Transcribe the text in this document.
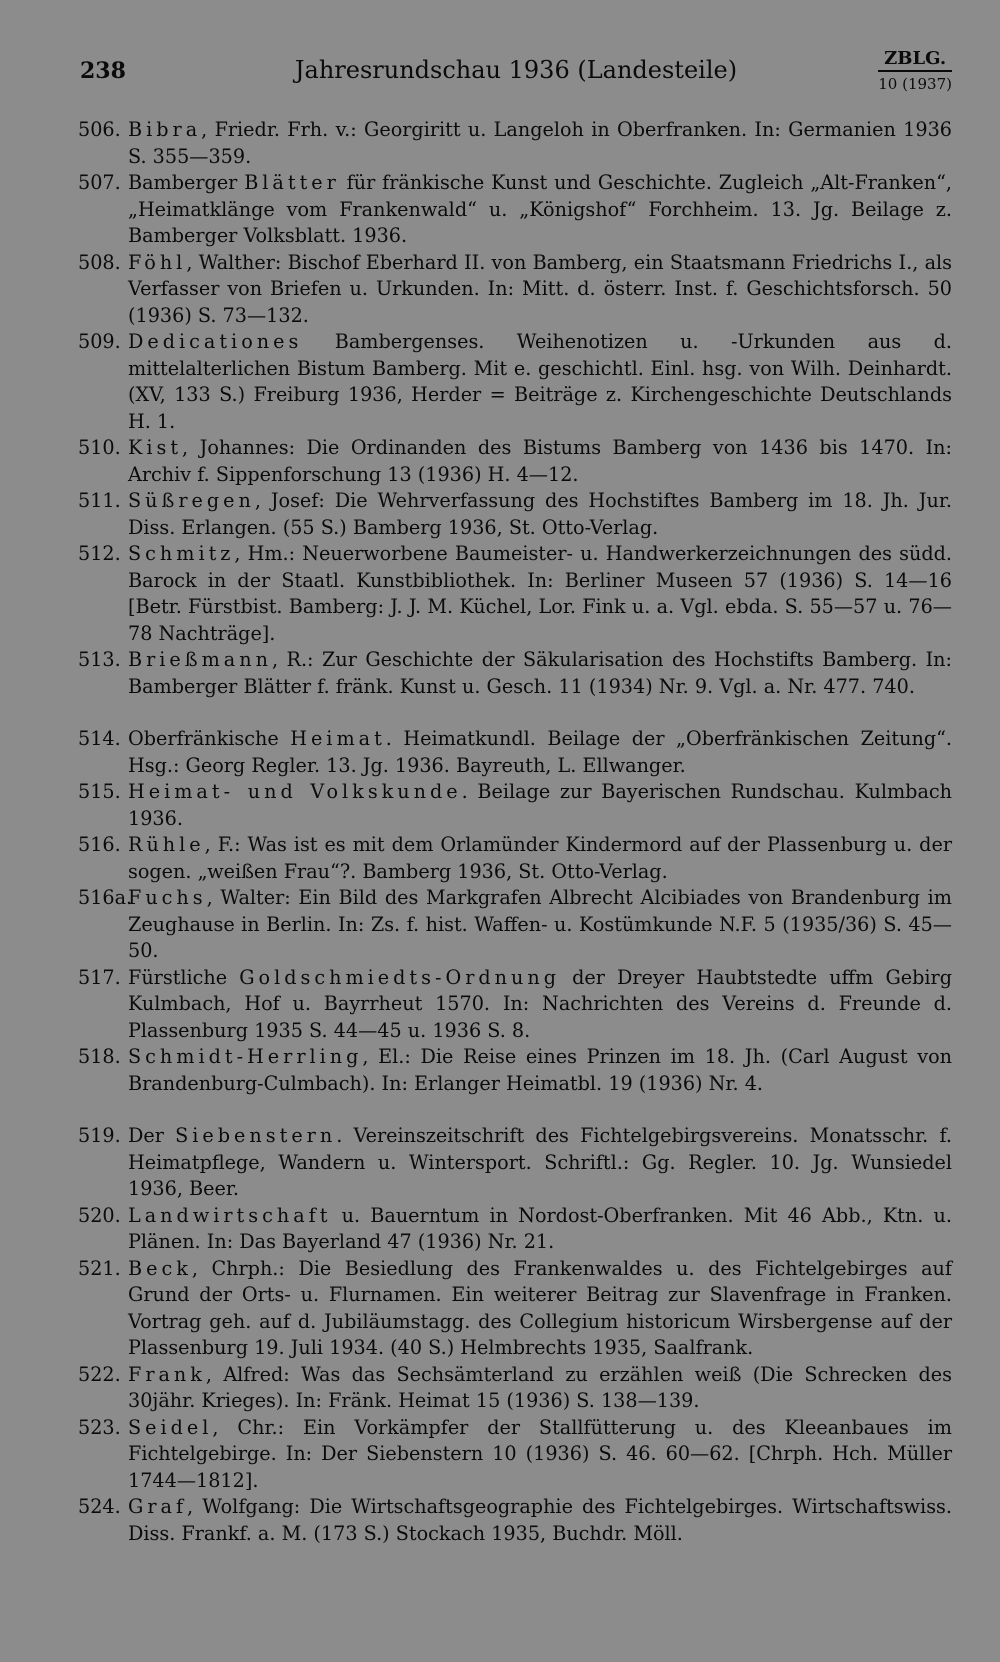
238	Jahresrundschau 1936 (Landesteile)	ZBLG.
10 (1937)
506. Bibra, Friedr. Frh. v.: Georgiritt u. Langeloh in Oberfranken. In: Germanien 1936 S. 355—359.
507. Bamberger Blätter für fränkische Kunst und Geschichte. Zugleich „Alt-Franken“, „Heimatklänge vom Frankenwald“ u. „Königshof“ Forchheim. 13. Jg. Beilage z. Bamberger Volksblatt. 1936.
508. Föhl, Walther: Bischof Eberhard II. von Bamberg, ein Staatsmann Friedrichs I., als Verfasser von Briefen u. Urkunden. In: Mitt. d. österr. Inst. f. Geschichtsforsch. 50 (1936) S. 73—132.
509. Dedicationes Bambergenses. Weihenotizen u. -Urkunden aus d. mittelalterlichen Bistum Bamberg. Mit e. geschichtl. Einl. hsg. von Wilh. Deinhardt. (XV, 133 S.) Freiburg 1936, Herder = Beiträge z. Kirchengeschichte Deutschlands H. 1.
510. Kist, Johannes: Die Ordinanden des Bistums Bamberg von 1436 bis 1470. In: Archiv f. Sippenforschung 13 (1936) H. 4—12.
511. Süßregen, Josef: Die Wehrverfassung des Hochstiftes Bamberg im 18. Jh. Jur. Diss. Erlangen. (55 S.) Bamberg 1936, St. Otto-Verlag.
512. Schmitz, Hm.: Neuerworbene Baumeister- u. Handwerkerzeichnungen des südd. Barock in der Staatl. Kunstbibliothek. In: Berliner Museen 57 (1936) S. 14—16 [Betr. Fürstbist. Bamberg: J. J. M. Küchel, Lor. Fink u. a. Vgl. ebda. S. 55—57 u. 76—78 Nachträge].
513. Brießmann, R.: Zur Geschichte der Säkularisation des Hochstifts Bamberg. In: Bamberger Blätter f. fränk. Kunst u. Gesch. 11 (1934) Nr. 9. Vgl. a. Nr. 477. 740.
514. Oberfränkische Heimat. Heimatkundl. Beilage der „Oberfränkischen Zeitung“. Hsg.: Georg Regler. 13. Jg. 1936. Bayreuth, L. Ellwanger.
515. Heimat- und Volkskunde. Beilage zur Bayerischen Rundschau. Kulmbach 1936.
516. Rühle, F.: Was ist es mit dem Orlamünder Kindermord auf der Plassenburg u. der sogen. „weißen Frau“?. Bamberg 1936, St. Otto-Verlag.
516a.
Fuchs, Walter: Ein Bild des Markgrafen Albrecht Alcibiades von Brandenburg im Zeughause in Berlin. In: Zs. f. hist. Waffen- u. Kostümkunde N.F. 5 (1935/36) S. 45—50.
517. Fürstliche Goldschmiedts-Ordnung der Dreyer Haubtstedte uffm Gebirg Kulmbach, Hof u. Bayrrheut 1570. In: Nachrichten des Vereins d. Freunde d. Plassenburg 1935 S. 44—45 u. 1936 S. 8.
518. Schmidt-Herrling, El.: Die Reise eines Prinzen im 18. Jh. (Carl August von Brandenburg-Culmbach). In: Erlanger Heimatbl. 19 (1936) Nr. 4.
519. Der Siebenstern. Vereinszeitschrift des Fichtelgebirgsvereins. Monatsschr. f. Heimatpflege, Wandern u. Wintersport. Schriftl.: Gg. Regler. 10. Jg. Wunsiedel 1936, Beer.
520. Landwirtschaft u. Bauerntum in Nordost-Oberfranken. Mit 46 Abb., Ktn. u. Plänen. In: Das Bayerland 47 (1936) Nr. 21.
521. Beck, Chrph.: Die Besiedlung des Frankenwaldes u. des Fichtelgebirges auf Grund der Orts- u. Flurnamen. Ein weiterer Beitrag zur Slavenfrage in Franken. Vortrag geh. auf d. Jubiläumstagg. des Collegium historicum Wirsbergense auf der Plassenburg 19. Juli 1934. (40 S.) Helmbrechts 1935, Saalfrank.
522. Frank, Alfred: Was das Sechsämterland zu erzählen weiß (Die Schrecken des 30jähr. Krieges). In: Fränk. Heimat 15 (1936) S. 138—139.
523. Seidel, Chr.: Ein Vorkämpfer der Stallfütterung u. des Kleeanbaues im Fichtelgebirge. In: Der Siebenstern 10 (1936) S. 46. 60—62. [Chrph. Hch. Müller 1744—1812].
524. Graf, Wolfgang: Die Wirtschaftsgeographie des Fichtelgebirges. Wirtschaftswiss. Diss. Frankf. a. M. (173 S.) Stockach 1935, Buchdr. Möll.
